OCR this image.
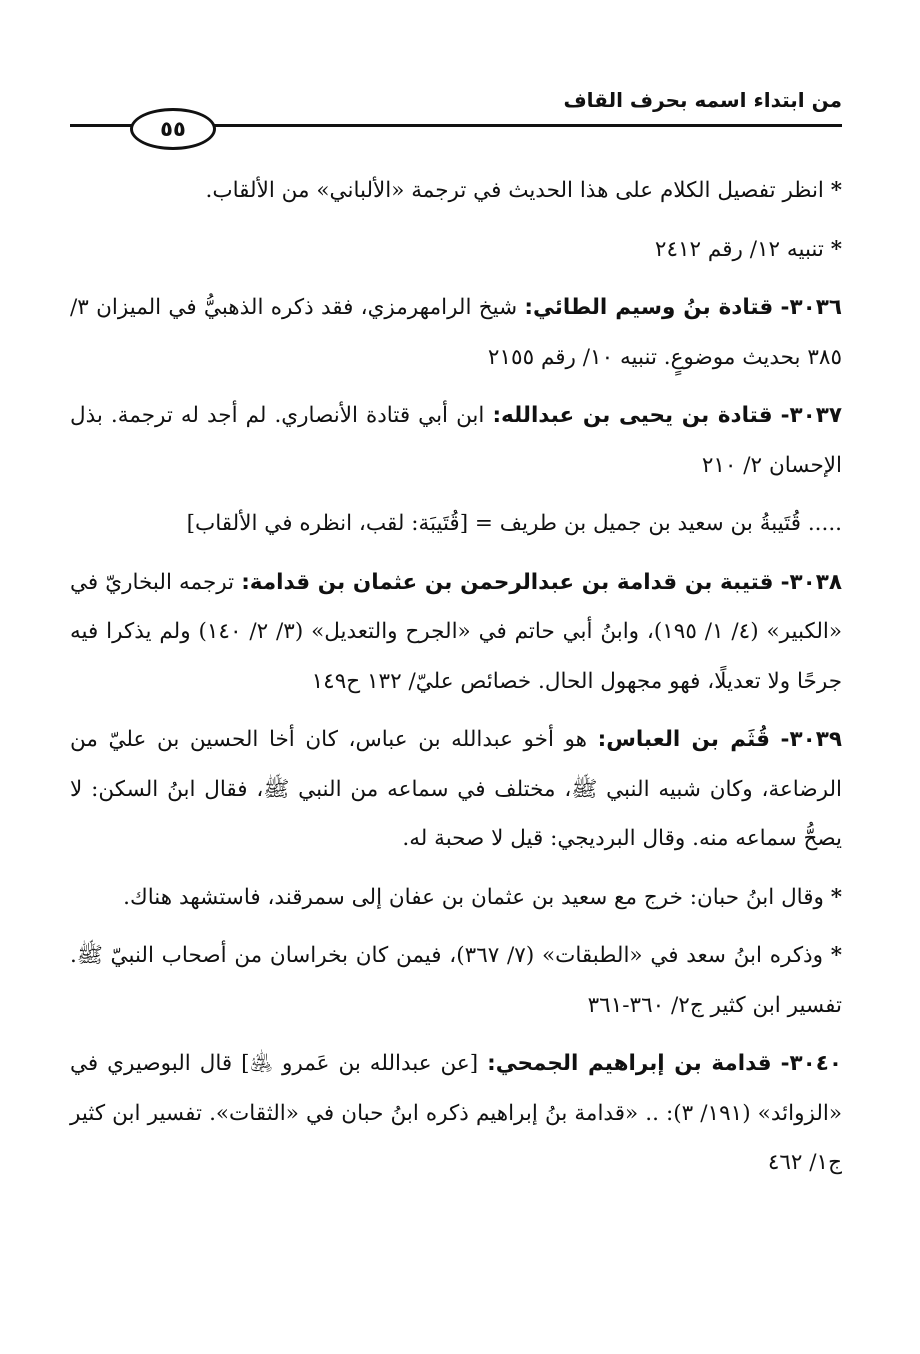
من ابتداء اسمه بحرف القاف
٥٥

* انظر تفصيل الكلام على هذا الحديث في ترجمة «الألباني» من الألقاب.

* تنبيه ١٢/ رقم ٢٤١٢

٣٠٣٦- قتادة بنُ وسيم الطائي: شيخ الرامهرمزي، فقد ذكره الذهبيُّ في الميزان ٣/ ٣٨٥ بحديث موضوعٍ. تنبيه ١٠/ رقم ٢١٥٥

٣٠٣٧- قتادة بن يحيى بن عبدالله: ابن أبي قتادة الأنصاري. لم أجد له ترجمة. بذل الإحسان ٢/ ٢١٠

..... قُتَيبةُ بن سعيد بن جميل بن طريف = [قُتَيبَة: لقب، انظره في الألقاب]

٣٠٣٨- قتيبة بن قدامة بن عبدالرحمن بن عثمان بن قدامة: ترجمه البخاريّ في «الكبير» (٤/ ١/ ١٩٥)، وابنُ أبي حاتم في «الجرح والتعديل» (٣/ ٢/ ١٤٠) ولم يذكرا فيه جرحًا ولا تعديلًا، فهو مجهول الحال. خصائص عليّ/ ١٣٢ ح١٤٩

٣٠٣٩- قُثَم بن العباس: هو أخو عبدالله بن عباس، كان أخا الحسين بن عليّ من الرضاعة، وكان شبيه النبي ﷺ، مختلف في سماعه من النبي ﷺ، فقال ابنُ السكن: لا يصحُّ سماعه منه. وقال البرديجي: قيل لا صحبة له.

* وقال ابنُ حبان: خرج مع سعيد بن عثمان بن عفان إلى سمرقند، فاستشهد هناك.

* وذكره ابنُ سعد في «الطبقات» (٧/ ٣٦٧)، فيمن كان بخراسان من أصحاب النبيّ ﷺ. تفسير ابن كثير ج٢/ ٣٦٠-٣٦١

٣٠٤٠- قدامة بن إبراهيم الجمحي: [عن عبدالله بن عَمرو ﵁] قال البوصيري في «الزوائد» (١٩١/ ٣): .. «قدامة بنُ إبراهيم ذكره ابنُ حبان في «الثقات». تفسير ابن كثير ج١/ ٤٦٢
